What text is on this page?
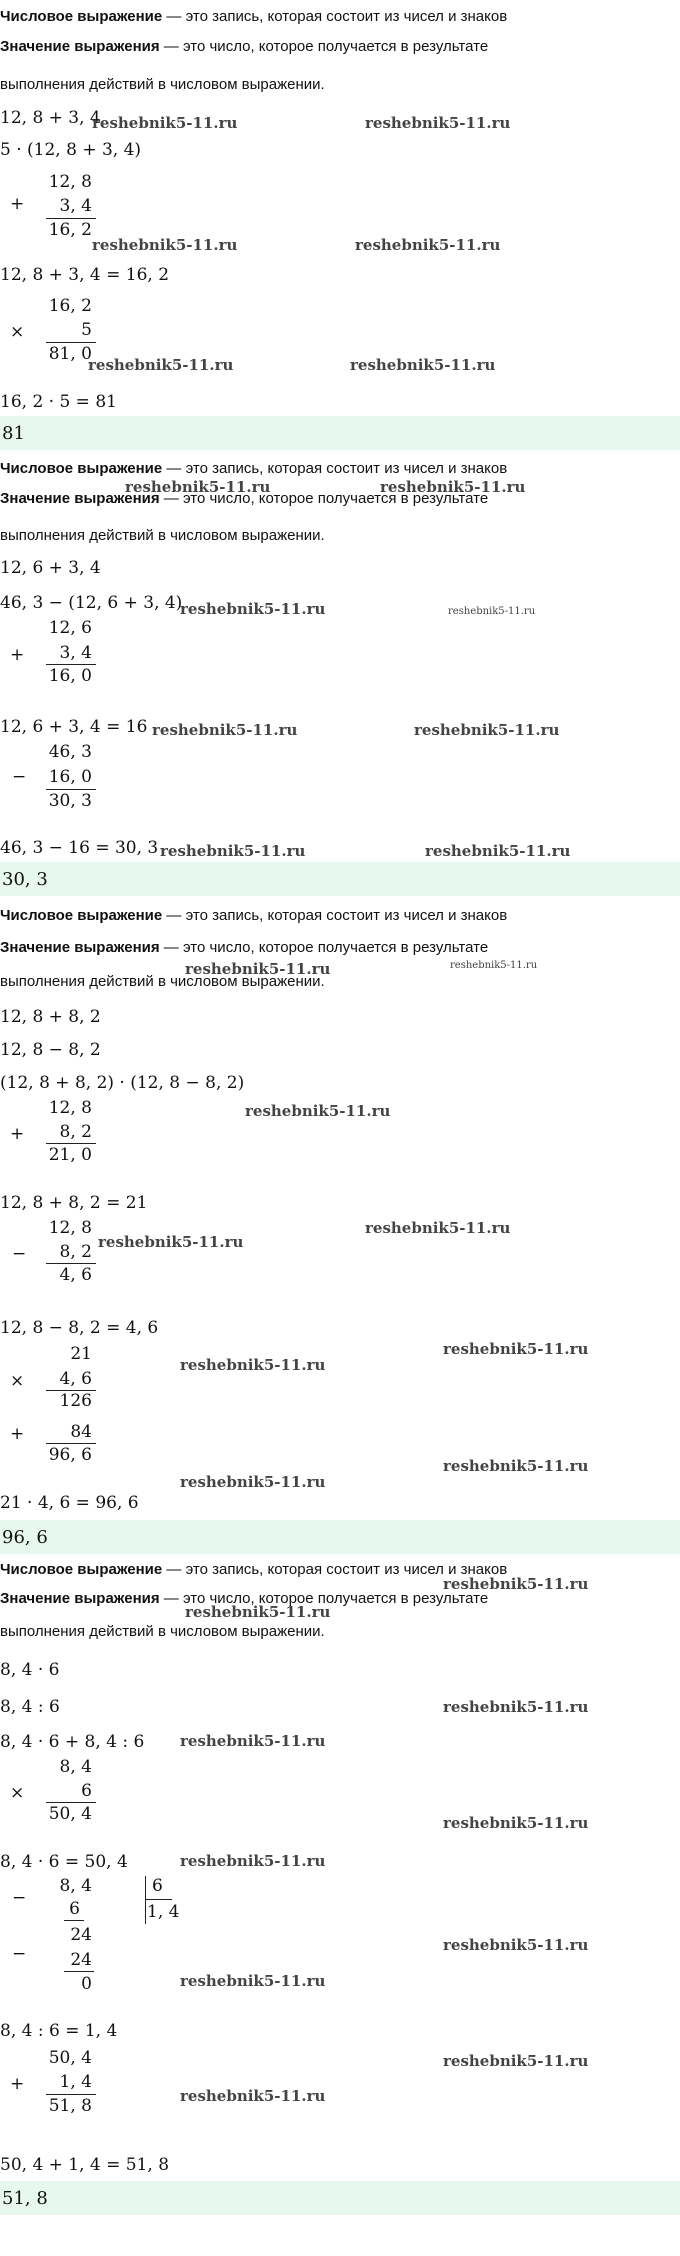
Числовое выражение — это запись, которая состоит из чисел и знаков
Значение выражения — это число, которое получается в результате
выполнения действий в числовом выражении.
12, 8 + 3, 4
reshebnik5-11.ru	reshebnik5-11.ru
5 · (12, 8 + 3, 4)
12, 8
+	3, 4
16, 2
reshebnik5-11.ru	reshebnik5-11.ru
12, 8 + 3, 4 = 16, 2
16, 2
×	5
81, 0
reshebnik5-11.ru	reshebnik5-11.ru
16, 2 · 5 = 81
81
Числовое выражение — это запись, которая состоит из чисел и знаков
Значение выражения — это число, которое получается в результате
reshebnik5-11.ru	reshebnik5-11.ru
выполнения действий в числовом выражении.
12, 6 + 3, 4
46, 3 − (12, 6 + 3, 4)
reshebnik5-11.ru	reshebnik5-11.ru
12, 6
+	3, 4
16, 0
12, 6 + 3, 4 = 16 reshebnik5-11.ru	reshebnik5-11.ru
46, 3
−	16, 0
30, 3
46, 3 − 16 = 30, 3 reshebnik5-11.ru	reshebnik5-11.ru
30, 3
Числовое выражение — это запись, которая состоит из чисел и знаков
Значение выражения — это число, которое получается в результате
reshebnik5-11.ru	reshebnik5-11.ru
выполнения действий в числовом выражении.
12, 8 + 8, 2
12, 8 − 8, 2
(12, 8 + 8, 2) · (12, 8 − 8, 2)
12, 8	reshebnik5-11.ru
+	8, 2
21, 0
12, 8 + 8, 2 = 21
12, 8	reshebnik5-11.ru
reshebnik5-11.ru
−	8, 2
4, 6
12, 8 − 8, 2 = 4, 6
21	reshebnik5-11.ru
reshebnik5-11.ru
×	4, 6
126
+	84
96, 6
reshebnik5-11.ru
reshebnik5-11.ru
21 · 4, 6 = 96, 6
96, 6
Числовое выражение — это запись, которая состоит из чисел и знаков
reshebnik5-11.ru
Значение выражения — это число, которое получается в результате
reshebnik5-11.ru
выполнения действий в числовом выражении.
8, 4 · 6
8, 4 : 6	reshebnik5-11.ru
8, 4 · 6 + 8, 4 : 6 reshebnik5-11.ru
8, 4
×	6
50, 4	reshebnik5-11.ru
8, 4 · 6 = 50, 4	reshebnik5-11.ru
−
8, 4
6
6
1, 4
−
24
24
reshebnik5-11.ru
0	reshebnik5-11.ru
8, 4 : 6 = 1, 4
50, 4	reshebnik5-11.ru
+	1, 4
reshebnik5-11.ru
51, 8
50, 4 + 1, 4 = 51, 8
51, 8
